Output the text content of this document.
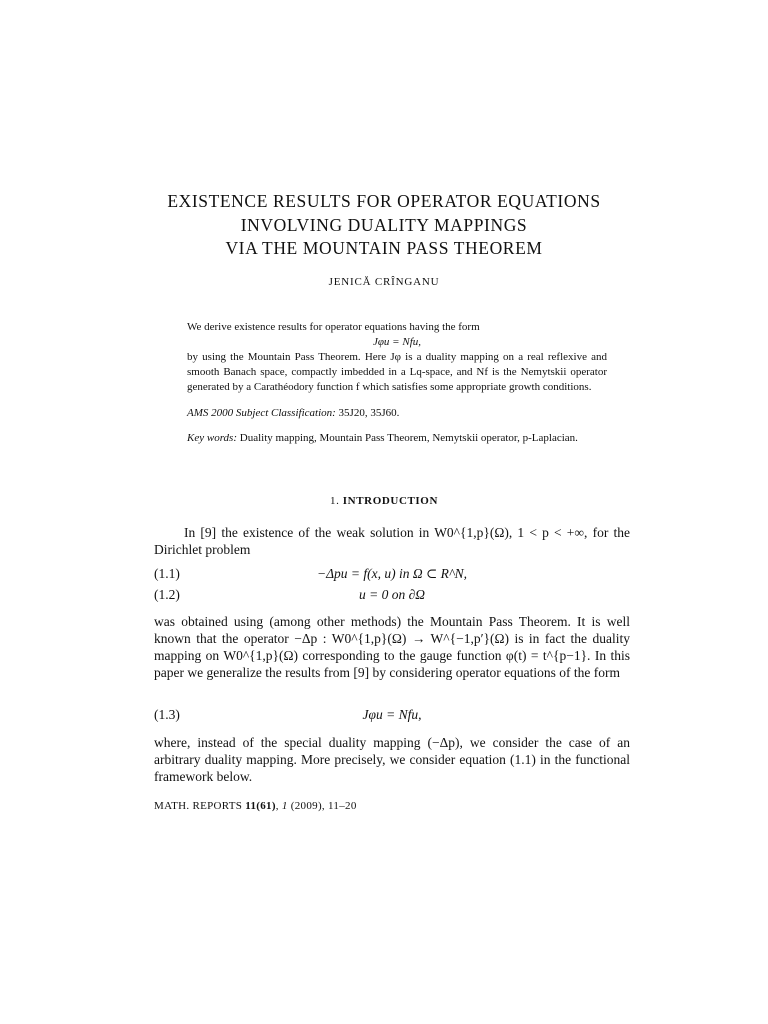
EXISTENCE RESULTS FOR OPERATOR EQUATIONS
INVOLVING DUALITY MAPPINGS
VIA THE MOUNTAIN PASS THEOREM
JENICĂ CRÎNGANU

We derive existence results for operator equations having the form

Jφu = Nfu,

by using the Mountain Pass Theorem. Here Jφ is a duality mapping on a real reflexive and smooth Banach space, compactly imbedded in a Lq-space, and Nf is the Nemytskii operator generated by a Carathéodory function f which satisfies some appropriate growth conditions.

AMS 2000 Subject Classification: 35J20, 35J60.

Key words: Duality mapping, Mountain Pass Theorem, Nemytskii operator, p-Laplacian.

1. INTRODUCTION
In [9] the existence of the weak solution in W0^{1,p}(Ω), 1 < p < +∞, for the Dirichlet problem
(1.1)	−Δpu = f(x, u) in Ω ⊂ R^N,
(1.2)	u = 0 on ∂Ω
was obtained using (among other methods) the Mountain Pass Theorem. It is well known that the operator −Δp : W0^{1,p}(Ω) → W^{−1,p′}(Ω) is in fact the duality mapping on W0^{1,p}(Ω) corresponding to the gauge function φ(t) = t^{p−1}. In this paper we generalize the results from [9] by considering operator equations of the form
(1.3)	Jφu = Nfu,
where, instead of the special duality mapping (−Δp), we consider the case of an arbitrary duality mapping. More precisely, we consider equation (1.1) in the functional framework below.
MATH. REPORTS 11(61), 1 (2009), 11–20
